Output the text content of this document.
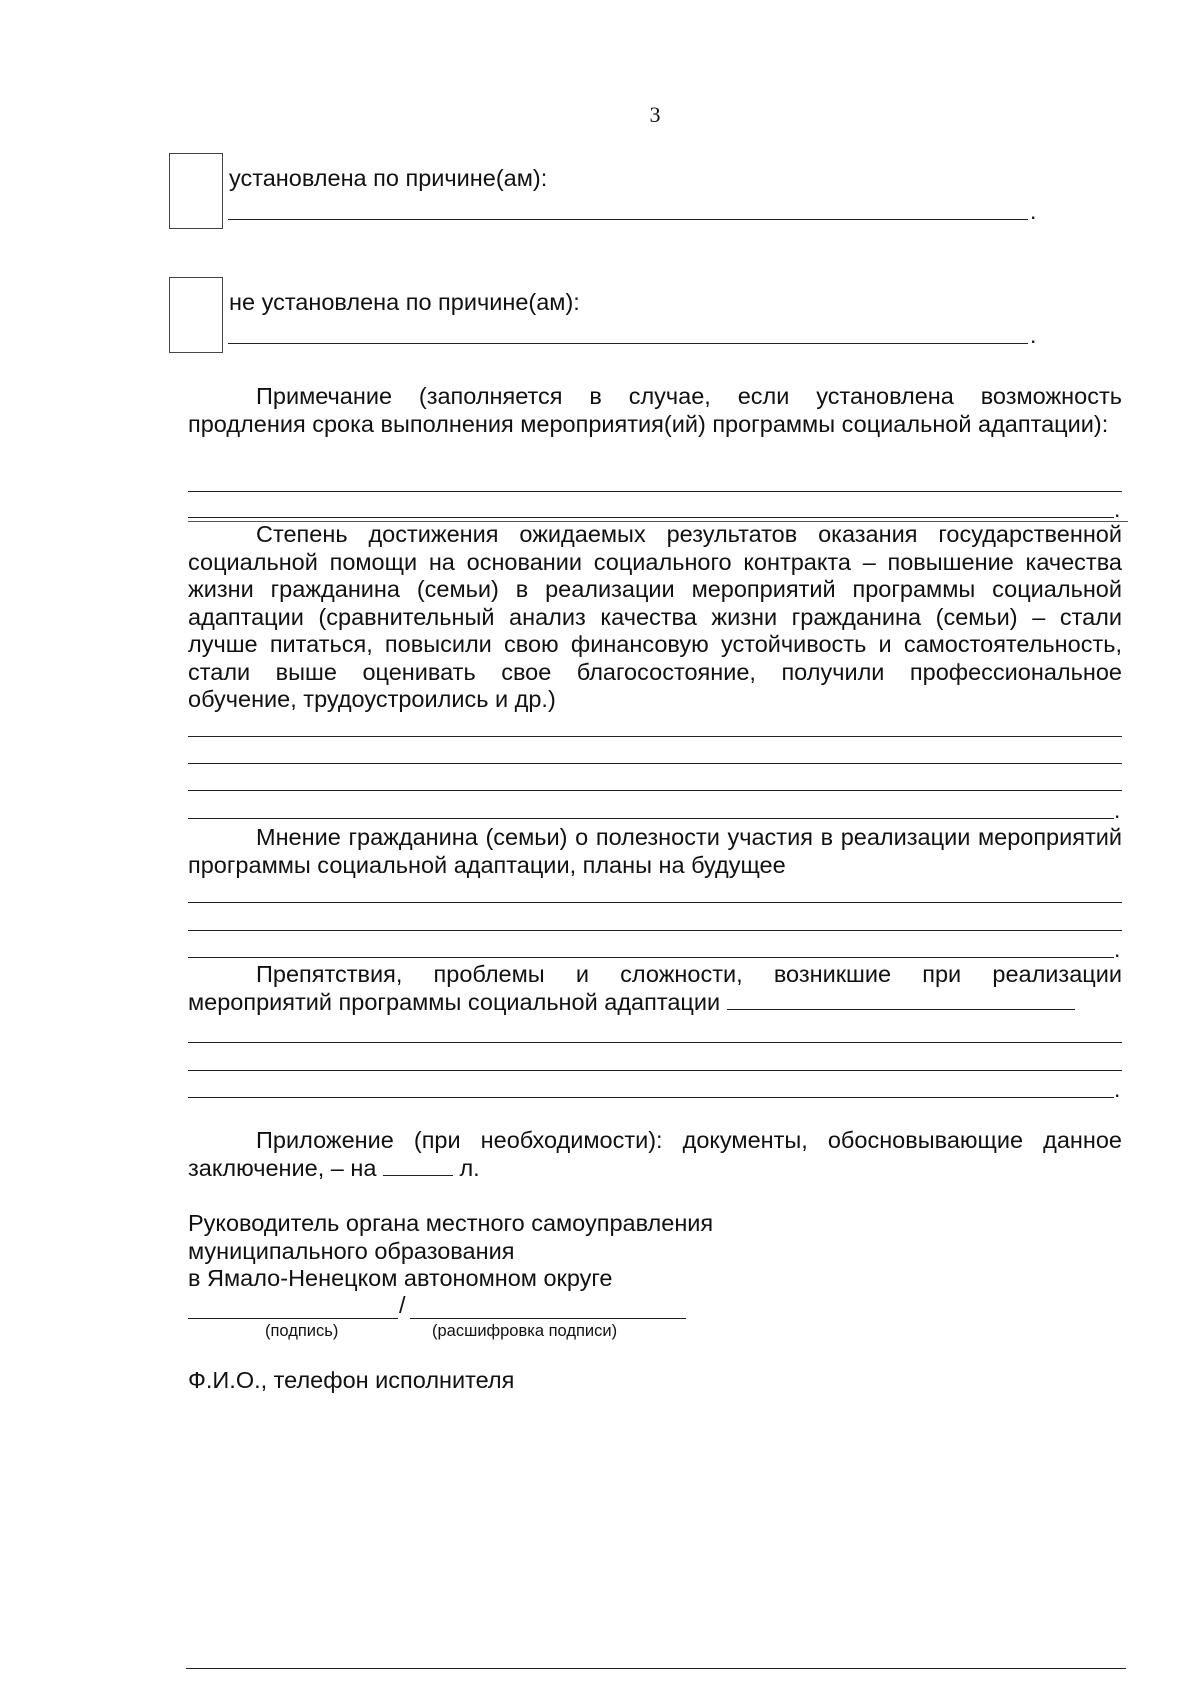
3
установлена по причине(ам):
.
не установлена по причине(ам):
.
Примечание (заполняется в случае, если установлена возможность продления срока выполнения мероприятия(ий) программы социальной адаптации):
.
Степень достижения ожидаемых результатов оказания государственной социальной помощи на основании социального контракта – повышение качества жизни гражданина (семьи) в реализации мероприятий программы социальной адаптации (сравнительный анализ качества жизни гражданина (семьи) – стали лучше питаться, повысили свою финансовую устойчивость и самостоятельность, стали выше оценивать свое благосостояние, получили профессиональное обучение, трудоустроились и др.)
.
Мнение гражданина (семьи) о полезности участия в реализации мероприятий программы социальной адаптации, планы на будущее
.
Препятствия, проблемы и сложности, возникшие при реализации мероприятий программы социальной адаптации
.
Приложение (при необходимости): документы, обосновывающие данное заключение, – на	л.
Руководитель органа местного самоуправления
муниципального образования
в Ямало-Ненецком автономном округе
/
(подпись)	(расшифровка подписи)
Ф.И.О., телефон исполнителя
